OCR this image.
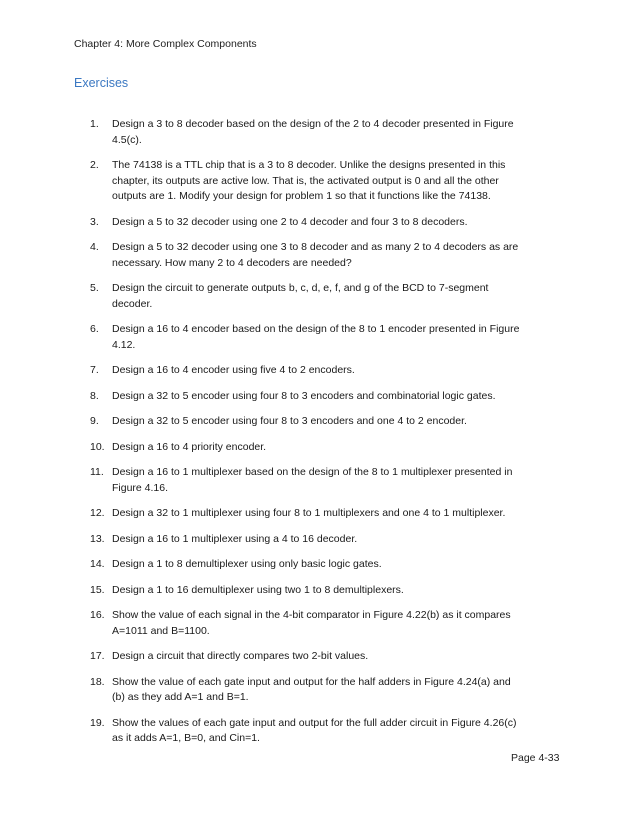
Chapter 4: More Complex Components
Exercises
1.	Design a 3 to 8 decoder based on the design of the 2 to 4 decoder presented in Figure
4.5(c).
2.	The 74138 is a TTL chip that is a 3 to 8 decoder. Unlike the designs presented in this
chapter, its outputs are active low. That is, the activated output is 0 and all the other
outputs are 1. Modify your design for problem 1 so that it functions like the 74138.
3.	Design a 5 to 32 decoder using one 2 to 4 decoder and four 3 to 8 decoders.
4.	Design a 5 to 32 decoder using one 3 to 8 decoder and as many 2 to 4 decoders as are
necessary. How many 2 to 4 decoders are needed?
5.	Design the circuit to generate outputs b, c, d, e, f, and g of the BCD to 7-segment
decoder.
6.	Design a 16 to 4 encoder based on the design of the 8 to 1 encoder presented in Figure
4.12.
7.	Design a 16 to 4 encoder using five 4 to 2 encoders.
8.	Design a 32 to 5 encoder using four 8 to 3 encoders and combinatorial logic gates.
9.	Design a 32 to 5 encoder using four 8 to 3 encoders and one 4 to 2 encoder.
10. Design a 16 to 4 priority encoder.
11. Design a 16 to 1 multiplexer based on the design of the 8 to 1 multiplexer presented in
Figure 4.16.
12. Design a 32 to 1 multiplexer using four 8 to 1 multiplexers and one 4 to 1 multiplexer.
13. Design a 16 to 1 multiplexer using a 4 to 16 decoder.
14. Design a 1 to 8 demultiplexer using only basic logic gates.
15. Design a 1 to 16 demultiplexer using two 1 to 8 demultiplexers.
16. Show the value of each signal in the 4-bit comparator in Figure 4.22(b) as it compares
A=1011 and B=1100.
17. Design a circuit that directly compares two 2-bit values.
18. Show the value of each gate input and output for the half adders in Figure 4.24(a) and
(b) as they add A=1 and B=1.
19. Show the values of each gate input and output for the full adder circuit in Figure 4.26(c)
as it adds A=1, B=0, and Cin=1.
Page 4-33
